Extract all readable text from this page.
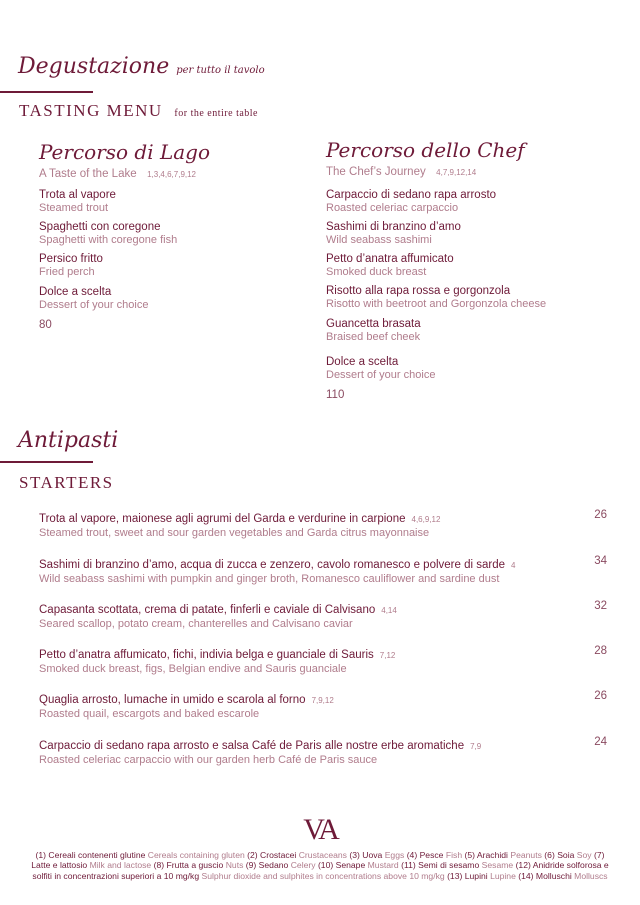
Degustazione per tutto il tavolo
TASTING MENU for the entire table
Percorso di Lago
A Taste of the Lake 1,3,4,6,7,9,12
Trota al vapore
Steamed trout
Spaghetti con coregone
Spaghetti with coregone fish
Persico fritto
Fried perch
Dolce a scelta
Dessert of your choice
80
Percorso dello Chef
The Chef’s Journey 4,7,9,12,14
Carpaccio di sedano rapa arrosto
Roasted celeriac carpaccio
Sashimi di branzino d’amo
Wild seabass sashimi
Petto d’anatra affumicato
Smoked duck breast
Risotto alla rapa rossa e gorgonzola
Risotto with beetroot and Gorgonzola cheese
Guancetta brasata
Braised beef cheek
Dolce a scelta
Dessert of your choice
110
Antipasti
STARTERS
Trota al vapore, maionese agli agrumi del Garda e verdurine in carpione 4,6,9,12
Steamed trout, sweet and sour garden vegetables and Garda citrus mayonnaise
26
Sashimi di branzino d’amo, acqua di zucca e zenzero, cavolo romanesco e polvere di sarde 4
Wild seabass sashimi with pumpkin and ginger broth, Romanesco cauliflower and sardine dust
34
Capasanta scottata, crema di patate, finferli e caviale di Calvisano 4,14
Seared scallop, potato cream, chanterelles and Calvisano caviar
32
Petto d’anatra affumicato, fichi, indivia belga e guanciale di Sauris 7,12
Smoked duck breast, figs, Belgian endive and Sauris guanciale
28
Quaglia arrosto, lumache in umido e scarola al forno 7,9,12
Roasted quail, escargots and baked escarole
26
Carpaccio di sedano rapa arrosto e salsa Café de Paris alle nostre erbe aromatiche 7,9
Roasted celeriac carpaccio with our garden herb Café de Paris sauce
24
VA
(1) Cereali contenenti glutine Cereals containing gluten (2) Crostacei Crustaceans (3) Uova Eggs (4) Pesce Fish (5) Arachidi Peanuts (6) Soia Soy (7) Latte e lattosio Milk and lactose (8) Frutta a guscio Nuts (9) Sedano Celery (10) Senape Mustard (11) Semi di sesamo Sesame (12) Anidride solforosa e solfiti in concentrazioni superiori a 10 mg/kg Sulphur dioxide and sulphites in concentrations above 10 mg/kg (13) Lupini Lupine (14) Molluschi Molluscs
